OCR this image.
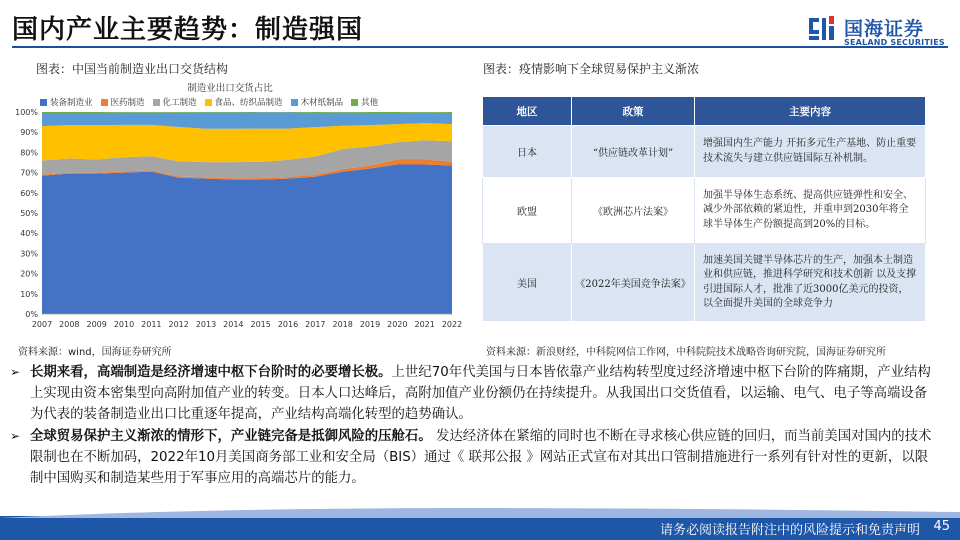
国内产业主要趋势：制造强国	国海证券
SEALAND SECURITIES
图表：中国当前制造业出口交货结构
制造业出口交货占比
装备制造业 医药制造 化工制造 食品、纺织品制造 木材纸制品 其他
0%
10%
20%
30%
40%
50%
60%
70%
80%
90%
100%
2007 2008 2009 2010 2011 2012 2013 2014 2015 2016 2017 2018 2019 2020 2021 2022
资料来源：wind，国海证券研究所
图表：疫情影响下全球贸易保护主义渐浓
地区	政策	主要内容
日本	“供应链改革计划”	增强国内生产能力 开拓多元生产基地、防止重要技术流失与建立供应链国际互补机制。
欧盟	《欧洲芯片法案》	加强半导体生态系统、提高供应链弹性和安全、减少外部依赖的紧迫性，并重申到2030年将全球半导体生产份额提高到20%的目标。
美国	《2022年美国竞争法案》	加速美国关键半导体芯片的生产，加强本土制造业和供应链，推进科学研究和技术创新 以及支撑引进国际人才，批准了近3000亿美元的投资，以全面提升美国的全球竞争力
资料来源：新浪财经，中科院网信工作网，中科院院技术战略咨询研究院，国海证券研究所
➢ 长期来看，高端制造是经济增速中枢下台阶时的必要增长极。上世纪70年代美国与日本皆依靠产业结构转型度过经济增速中枢下台阶的阵痛期，产业结构上实现由资本密集型向高附加值产业的转变。日本人口达峰后，高附加值产业份额仍在持续提升。从我国出口交货值看，以运输、电气、电子等高端设备为代表的装备制造业出口比重逐年提高，产业结构高端化转型的趋势确认。
➢ 全球贸易保护主义渐浓的情形下，产业链完备是抵御风险的压舱石。 发达经济体在紧缩的同时也不断在寻求核心供应链的回归，而当前美国对国内的技术限制也在不断加码，2022年10月美国商务部工业和安全局（BIS）通过《 联邦公报 》网站正式宣布对其出口管制措施进行一系列有针对性的更新，以限制中国购买和制造某些用于军事应用的高端芯片的能力。
请务必阅读报告附注中的风险提示和免责声明 45
